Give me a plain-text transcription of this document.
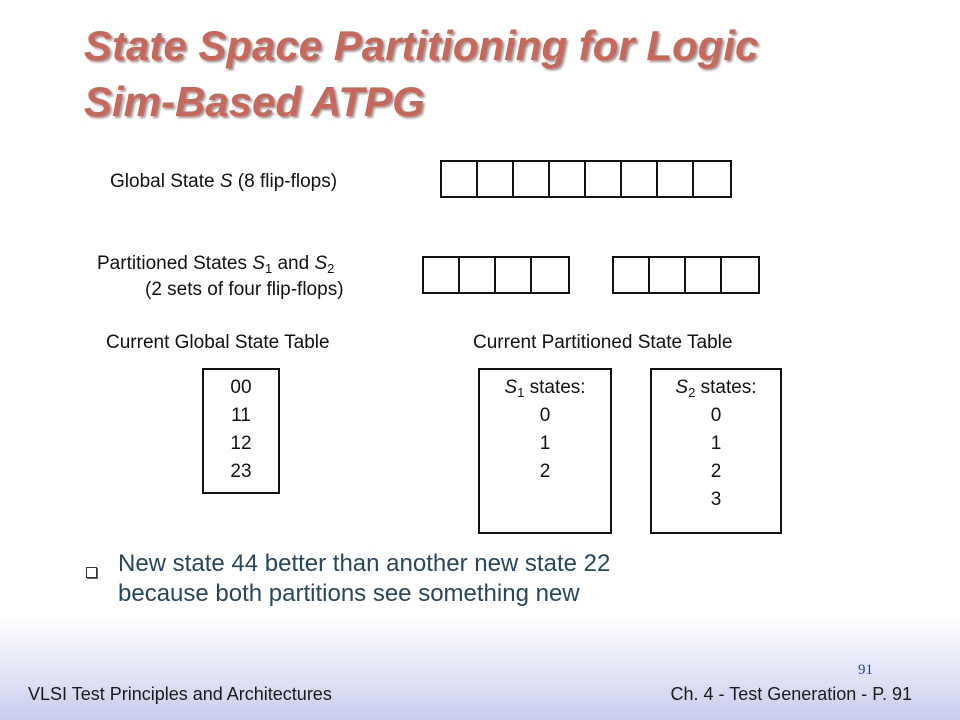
State Space Partitioning for Logic
Sim-Based ATPG
Global State S (8 flip-flops)
Partitioned States $S_1$ and $S_2$
(2 sets of four flip-flops)
Current Global State Table	Current Partitioned State Table
00
11
12
23
$S_1$ states:
0
1
2
$S_2$ states:
0
1
2
3
New state 44 better than another new state 22
because both partitions see something new
91
VLSI Test Principles and Architectures	Ch. 4 - Test Generation - P. 91
